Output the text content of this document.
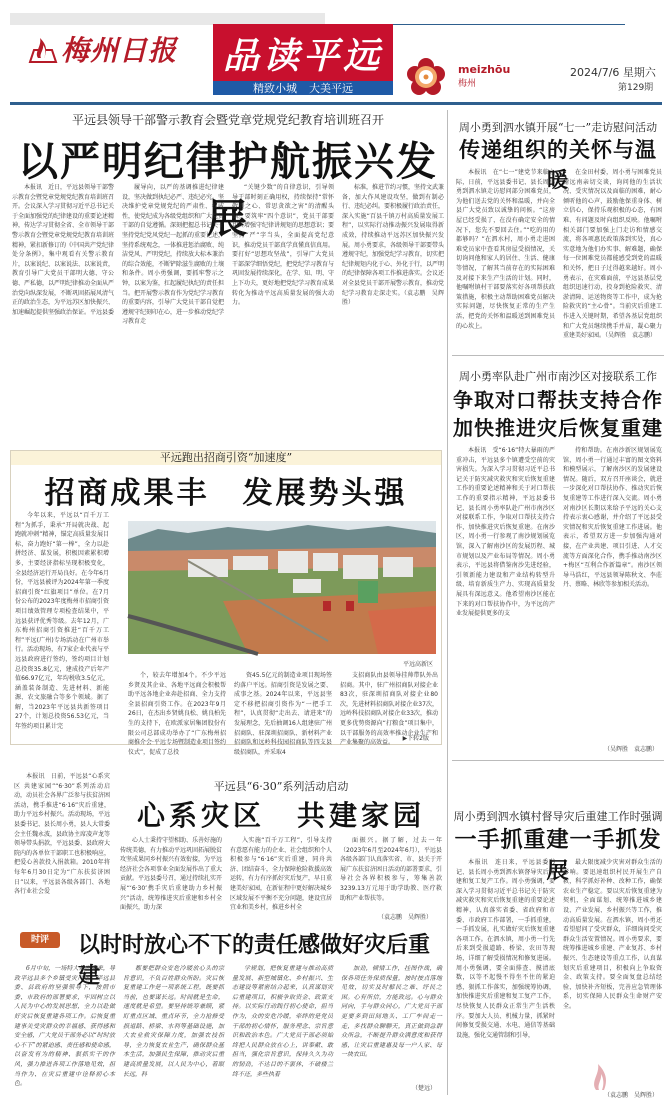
梅州日报 品读平远
精致小城 大美平远
meizhōu
梅州
2024/7/6 星期六
第129期
平远县领导干部警示教育会暨党章党规党纪教育培训班召开
以严明纪律护航振兴发展

本报讯　近日，平远县领导干部警示教育会暨党章党规党纪教育培训班召开。会议深入学习贯彻习近平总书记关于全面加强党的纪律建设的重要论述精神，传达学习贯彻全省、全市领导干部警示教育会暨党章党规党纪教育培训班精神，紧扣新修订的《中国共产党纪律处分条例》，集中观看有关警示教育片，以案说纪、以案说法、以案说责，教育引导广大党员干部明大德、守公德、严私德，以严明纪律推动全面从严治党向纵深发展，不断巩固拓展风清气正的政治生态，为平远苏区加快振兴、加速崛起提供坚强政治保证。平远县委

履导向，以严的基调推进纪律建设，坚决做到执纪必严、违纪必究。坚决维护党章党规党纪的严肃性、权威性，使党纪成为各级党组织和广大党员干部的自觉遵循。深刻把握总书记关于坚持党纪党风党纪一起抓的重要论述，坚持系统观念，一体推进惩治腐败、纯洁党风、严明党纪，持续放大标本兼治的综合效能，不断铲除滋生腐败的土壤和条件。周小勇强调，要抓牢警示之钟，以案为鉴，扛起履纪执纪的责任担当。把开展警示教育作为党纪学习教育的重要内容，引导广大党员干部自觉把遵规守纪刻印在心，进一步推动党纪学习教育走

“关键少数”的自律意识，引导领导干部时刻正确用权，持续保持“常怀敬畏之心、常思贪欲之害”的清醒头脑。要筑牢“四个意识”，党员干部要切实增强守纪律讲规矩的思想意识；要坚持“严”字当头，全面提高党纪意识，推动党员干部真学真懂真信真用。要打好“思想攻坚战”，引导广大党员干部深学细悟党纪，把党纪学习教育与巩固发展持续深化，在学、知、明、守上下功夫，更好地把党纪学习教育成果转化为推动平远高质量发展的强大动力。

标准，推进节约习惯，坚持文武兼备，加大作风建设攻坚，做到有制必行、违纪必纠。要积极履行政治责任，深入实施“百县千镇万村高质量发展工程”，以实际行动推动振兴发展取得新成效，持续推动平远苏区加快振兴发展。周小勇要求，各级领导干部要带头遵规守纪，加强党纪学习教育，切实把纪律规矩内化于心、外化于行，以严明的纪律保障各项工作推进落实。会议还对全县党员干部开展警示教育，推动党纪学习教育走深走实。（袁志鹏　吴辉胜）

周小勇到泗水镇开展“七一”走访慰问活动
传递组织的关怀与温暖

本报讯　在“七一”建党节来临之际，日前，平远县委书记、县长周小勇到泗水镇走访慰问部分困难党员，为他们送去党的关怀和温暖，并向全县广大党员致以诚挚的问候。“这房屋已经受损了，在没有确定安全的情况下，您先不要回去住。”“吃的用的都够吗？”在泗水村，周小勇走进困难党员家中查看其房屋受损情况，关切询问他和家人的居住、生活、健康等情况，了解其当前存在的实际困难及对接下来生产生活的计划。同时，他嘱咐镇村干部要落实好各项帮扶政策措施，积极主动帮助困难党员解决实际问题，尽快恢复正常的生产生活，把党的关怀和温暖送到困难党员的心坎上。

在金田村委，周小勇与困难党员谢远南亲切交谈，询问他的生活状况、受灾情况以及面临的困难，耐心倾听他的心声，鼓励他保重身体、树立信心，保持乐观积极的心态，有困难、有问题及时向组织反映。他嘱咐相关部门要加强上门走访和情感交流，将各项惠民政策落到实处，真心实意地为他们办实事、解难题，确保每一位困难党员都能感受到党的温暖和关怀，把日子过得越来越好。周小勇表示，在灾难面前，平远县基层党组织迅速行动，投身到抢险救灾、清淤清障、运送物资等工作中，成为抢险救灾的“主心骨”。当前灾后重建工作进入关键时期，希望各基层党组织和广大党员继续携手并肩，凝心聚力重建美好家园。（吴辉胜　袁志鹏）

周小勇率队赴广州市南沙区对接联系工作
争取对口帮扶支持合作
加快推进灾后恢复重建

本报讯　受“6·16”特大暴雨的严重冲击，平远县多个镇遭受空前的灾害损失。为深入学习贯彻习近平总书记关于防灾减灾救灾和灾后恢复重建工作的重要论述精神和关于对口帮扶工作的重要指示精神，平远县委书记、县长周小勇率队赴广州市南沙区对接联系工作，争取对口帮扶支持合作，加快推进灾后恢复重建。在南沙区，周小勇一行参观了南沙规划展览馆，深入了解南沙区的发展历程、城市规划以及产业布局等情况。周小勇表示，平远县将借鉴南沙先进经验，引领新能力建设和产业结构转型升级、培育新质生产力、实现高质量发展具有深远意义。他希望南沙区能在下来的对口帮扶协作中，为平远的产业发展提供更多的支

持和帮助。在南沙新区规划展览馆，周小勇一行通过丰富的图文资料和模型展示，了解南沙区的发展建设情况。随后，双方召开座谈会，就进一步深化对口帮扶协作、推动灾后恢复重建等工作进行深入交流。周小勇对南沙区长期以来给予平远的关心支持表示衷心感谢，并介绍了平远县受灾情况和灾后恢复重建工作进展。他表示，希望双方进一步加强沟通对接，在产业共建、项目引进、人才交流等方面深化合作，携手推动南沙区+梅区“互利合作新篇章”。南沙区领导马浩红，平远县领导陈秋文、李莊丹、蔡略、林欣等参加相关活动。

（吴辉胜　袁志鹏）
周小勇到泗水镇村督导灾后重建工作时强调
一手抓重建一手抓发展

本报讯　连日来，平远县委书记、县长周小勇到泗水镇督导灾后重建和复工复产工作。周小勇强调，要深入学习贯彻习近平总书记关于防灾减灾救灾和灾后恢复重建的重要论述精神，认真落实省委、省政府和市委、市政府工作部署，一手抓重建，一手抓发展，扎实做好灾后恢复重建各项工作。在泗水镇，周小勇一行先后来到受损道路、桥梁、农田等现场，详细了解受损情况和修复进展。周小勇强调，要全面排查、摸清底数，以等不起慢不得坐不住的紧迫感，狠抓工作落实，加强统筹协调，加快推进灾后重建和复工复产工作，尽快恢复人民群众正常生产生活秩序。要加大人员、机械力量，抓紧时间修复受损交通、水电、通信等基础设施，强化交通管制和引导，

最大限度减少灾害对群众生活的影响。要迅速组织村民开展生产自救，科学抓好补种、改种工作，确保农业生产稳定。要以灾后恢复重建为契机，全面谋划、统筹推进城乡建设、产业发展、乡村振兴等工作，推动高质量发展。在泗水镇，周小勇还看望慰问了受灾群众，详细询问受灾群众生活安置情况。周小勇要求，要统筹推进城乡重建、产业复苏、乡村振兴、生态建设等重点工作，认真谋划灾后重建项目，积极向上争取资金、政策支持。要全面复盘总结经验，加快补齐短板，完善应急管理体系，切实保障人民群众生命财产安全。

（袁志鹏　吴辉胜）
平远跑出招商引资“加速度”
招商成果丰　发展势头强

今年以来，平远以“百千万工程”为抓手，秉承“开局就决战、起跑就冲刺”精神，锚定高质量发展目标，奋力跑好“第一棒”，全力以赴拼经济、谋发展，积极因素累积增多，主要经济指标呈现积极变化，全县经济运行开局良好。在今年6月份，平远县被评为2024年第一季度招商引资“红旗项目”单位。在7月份公布的2023年度梅州市招商引资项目绩效管理专项检查结果中，平远县获评优秀等级。去年12月，广东梅州招商引资推进“百千万工程”平远(广州)专场活动在广州市举行。活动现场，有7家企业代表与平远县政府进行签约，签约项目计划总投资35.8亿元，建成投产后年产值66.97亿元，年均税收3.5亿元，涵盖装备制造、先进材料、新能源、农文旅融合等多个领域。据了解，当2023年平远县共新签项目27个，计划总投资56.53亿元，当年签约项目累计完

平远高新区

个，较去年增加4个。不少平远乡贤及其企业、各地平远商会积极帮助平远各地企业奔赴招商、全力支持全县招商引资工作。在2023年9月26日，在杰出乡贤姚良松、姚良柏先生的支持下，在欧派家居集团股份有限公司总部成功举办了“广东梅州招商推介会·平远专场暨制造业项目签约仪式”，促成了总投

资45.5亿元的制造业项目现场签约落户平远。招商引资是发展之要、成事之基。2024年以来，平远县坚定不移把招商引资作为“一把手工程”，认真贯彻“走出去、请进来”的发展理念，先后抽调16人组建驻广州招商队、驻深圳招商队、新材料产业招商队和远岭科技园招商队等四支县级招商队，并采取4

支招商队由县领导挂帅带队外出招商。其中，驻广州招商队对接企业83次，驻深圳招商队对接企业80次，先进材料招商队对接企业37次，远岭科技招商队对接企业33次，推动更多优势资源向“打粮食”项目集中，以干部服务的高效率推动企业生产和产业集聚的高效益。

▶下转2版

本报讯　日前，平远县“心系灾区 共建家园”“6·30”系列活动启动，动员社会各界广泛参与扶贫济困活动，携手推进“6·16”灾后重建，助力平远乡村振兴。活动现场，平远县委书记、县长周小勇，县人大常委会主任魏永波，县政协主席凌声龙等领导带头捐款，平远县委、县政府大院内的各单位干部职工也积极响应，把爱心善款投入捐款箱。2010年将每年6月30日定为“广东扶贫济困日”以来，平远县各级各部门、各地各行业社会爱

平远县“6·30”系列活动启动
心系灾区　共建家园

心人士秉持守望相助、乐善好施的传统美德，有力推动平远巩固拓展脱贫攻坚成果同乡村振兴有效衔接，为平远经济社会各项事业全面发展作出了重大贡献。平远县委号召，通过持续扎实开展“‘6·30’携手灾后重建助力乡村振兴”活动，统筹推进灾后重建和乡村全面振兴，助力深

入实施“百千万工程”，引导支持有意愿有能力的企业、社会组织和个人积极参与“6·16”灾后重建，同舟共济、团结奋斗，全力保障抢险救援高效运转，有力有序抓好灾后复产，早日重建美好家园，在新征程中更好解决城乡区域发展不平衡不充分问题，建设宜居宜业和美乡村，推进乡村全

面振兴。据了解，过去一年（2023年6月至2024年6月），平远县各级各部门认真落实省、市、县关于开展广东扶贫济困日活动的部署要求，引导社会各界积极参与，筹集善款3239.13万元用于助学助教、医疗救助和产业帮扶等。

（袁志鹏　吴辉胜）
时评	以时时放心不下的责任感做好灾后重建

6月中旬，一场特大暴雨袭来，导致平远县多个乡镇受灾严重。平远县委、县政府的坚强领导下，按照市委、市政府的部署要求，牢固树立以人民为中心的发展思想，全力以赴做好灾后恢复重建各项工作。后恢复重建事关受灾群众的幸福感、获得感和安全感，广大党员干部务必以“时时放心不下”的紧迫感、责任感和使命感，以奋发有为的精神、狠抓实干的作风，强力推进各项工作落地见效，担当作为、在灾后重建中诠释初心本色。

都要把群众安危冷暖放心头的宗旨意识，不负百姓群众所盼。灾后恢复重建工作是一项系统工程，既要抓当前，也要谋长远。时间就是生命，速度就是希望。要坚持统筹兼顾，紧盯重点区域、重点环节，全力抢修受损道路、桥梁、水利等基础设施，加大农业救灾保障力度，加强农技指导，全力恢复农业生产，确保群众基本生活，加强民生保障，推动灾后重建高质量发展，以人民为中心，着眼长远，科

学规划，把恢复重建与推动高质量发展、新型城镇化、乡村振兴、生态建设等紧密结合起来，认真谋划灾后重建项目，积极争取资金、政策支持。以实际行动践行初心使命，担当作为，众的安危冷暖，牵绊的是党员干部的初心情怀，服务理念、宗旨意识和政治本色。广大党员干部必须始终把人民群众放在心上，讲奉献、敢担当，强化宗旨意识，保持久久为功的韧劲，不达目的不罢休，不破楼兰终不还，多些执着

加劲，倾情工作，挂图作战，确保各项任务保质保量，按时按点落地见效，切实及时解民之难、纾民之困。心有所信，方能致远。心与群众同向，手与群众同心，广大党员干部更要多到田间地头、工厂车间走一走，多找群众聊聊天，真正做到急群众所急，不断提升群众满意度和获得感，让灾后重建惠及每一户人家、每一块农田。

（楚远）
